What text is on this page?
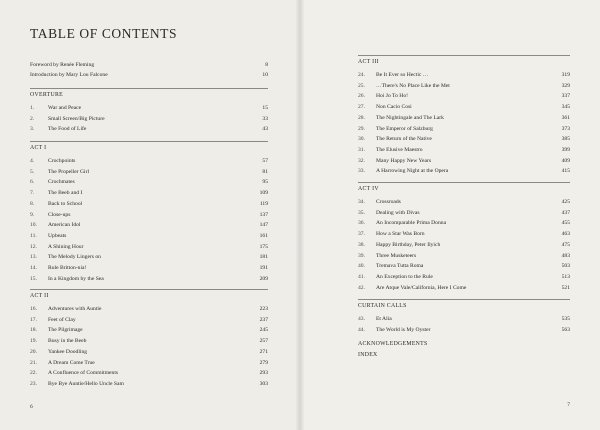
TABLE OF CONTENTS
Foreword by Renée Fleming	8
Introduction by Mary Lou Falcone	10
OVERTURE
1.	War and Peace	15
2.	Small Screen/Big Picture	33
3.	The Food of Life	43
ACT I
4.	Crochpoints	57
5.	The Propeller Girl	81
6.	Crochmates	95
7.	The Beeb and I	109
8.	Back to School	119
9.	Close-ups	137
10.	American Idol	147
11.	Upbeats	161
12.	A Shining Hour	175
13.	The Melody Lingers on	181
14.	Rule Britton-nia!	191
15.	In a Kingdom by the Sea	209
ACT II
16.	Adventures with Auntie	223
17.	Feet of Clay	237
18.	The Pilgrimage	245
19.	Busy in the Beeb	257
20.	Yankee Doodling	271
21.	A Dream Come True	279
22.	A Confluence of Commitments	293
23.	Bye Bye Auntie/Hello Uncle Sam	303
6
ACT III
24.	Be It Ever so Hectic …	319
25.	…There's No Place Like the Met	329
26.	Hoi Jo To Ho!	337
27.	Non Cacio Cosi	345
28.	The Nightingale and The Lark	361
29.	The Emperor of Salzburg	373
30.	The Return of the Native	385
31.	The Elusive Maestro	399
32.	Many Happy New Years	409
33.	A Harrowing Night at the Opera	415
ACT IV
34.	Crossroads	425
35.	Dealing with Divas	437
36.	An Incomparable Prima Donna	455
37.	How a Star Was Born	463
38.	Happy Birthday, Peter Ilyich	475
39.	Three Musketeers	483
40.	Tremava Tutta Roma	503
41.	An Exception to the Rule	513
42.	Are Atque Vale/California, Here I Come	521
CURTAIN CALLS
43.	Et Alia	535
44.	The World is My Oyster	563
ACKNOWLEDGEMENTS
INDEX
7
